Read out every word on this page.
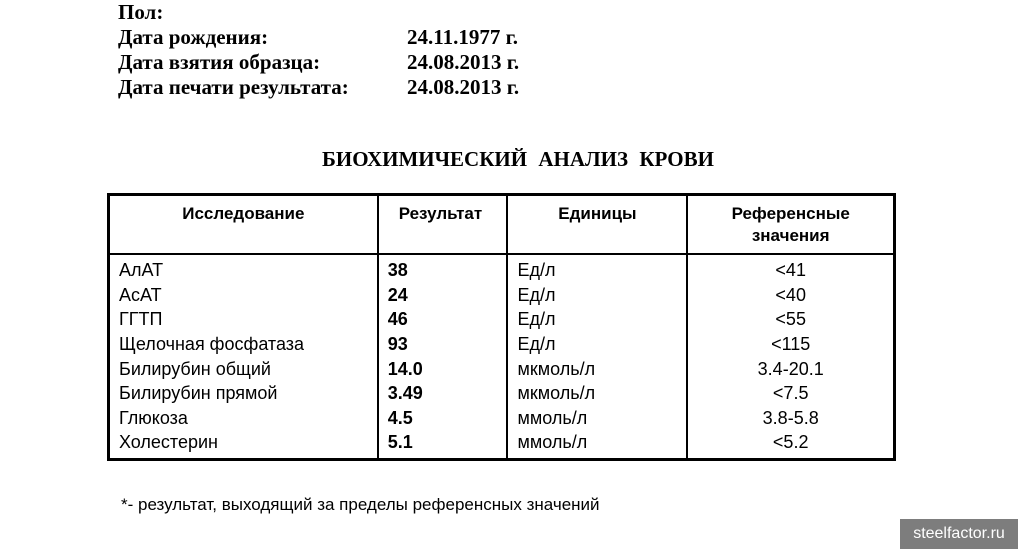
Пол:
Дата рождения:	24.11.1977 г.
Дата взятия образца:	24.08.2013 г.
Дата печати результата:	24.08.2013 г.
БИОХИМИЧЕСКИЙ АНАЛИЗ КРОВИ
Исследование	Результат	Единицы	Референсные значения
АлАТ	38	Ед/л	<41
АсАТ	24	Ед/л	<40
ГГТП	46	Ед/л	<55
Щелочная фосфатаза	93	Ед/л	<115
Билирубин общий	14.0	мкмоль/л	3.4-20.1
Билирубин прямой	3.49	мкмоль/л	<7.5
Глюкоза	4.5	ммоль/л	3.8-5.8
Холестерин	5.1	ммоль/л	<5.2
*- результат, выходящий за пределы референсных значений
steelfactor.ru
